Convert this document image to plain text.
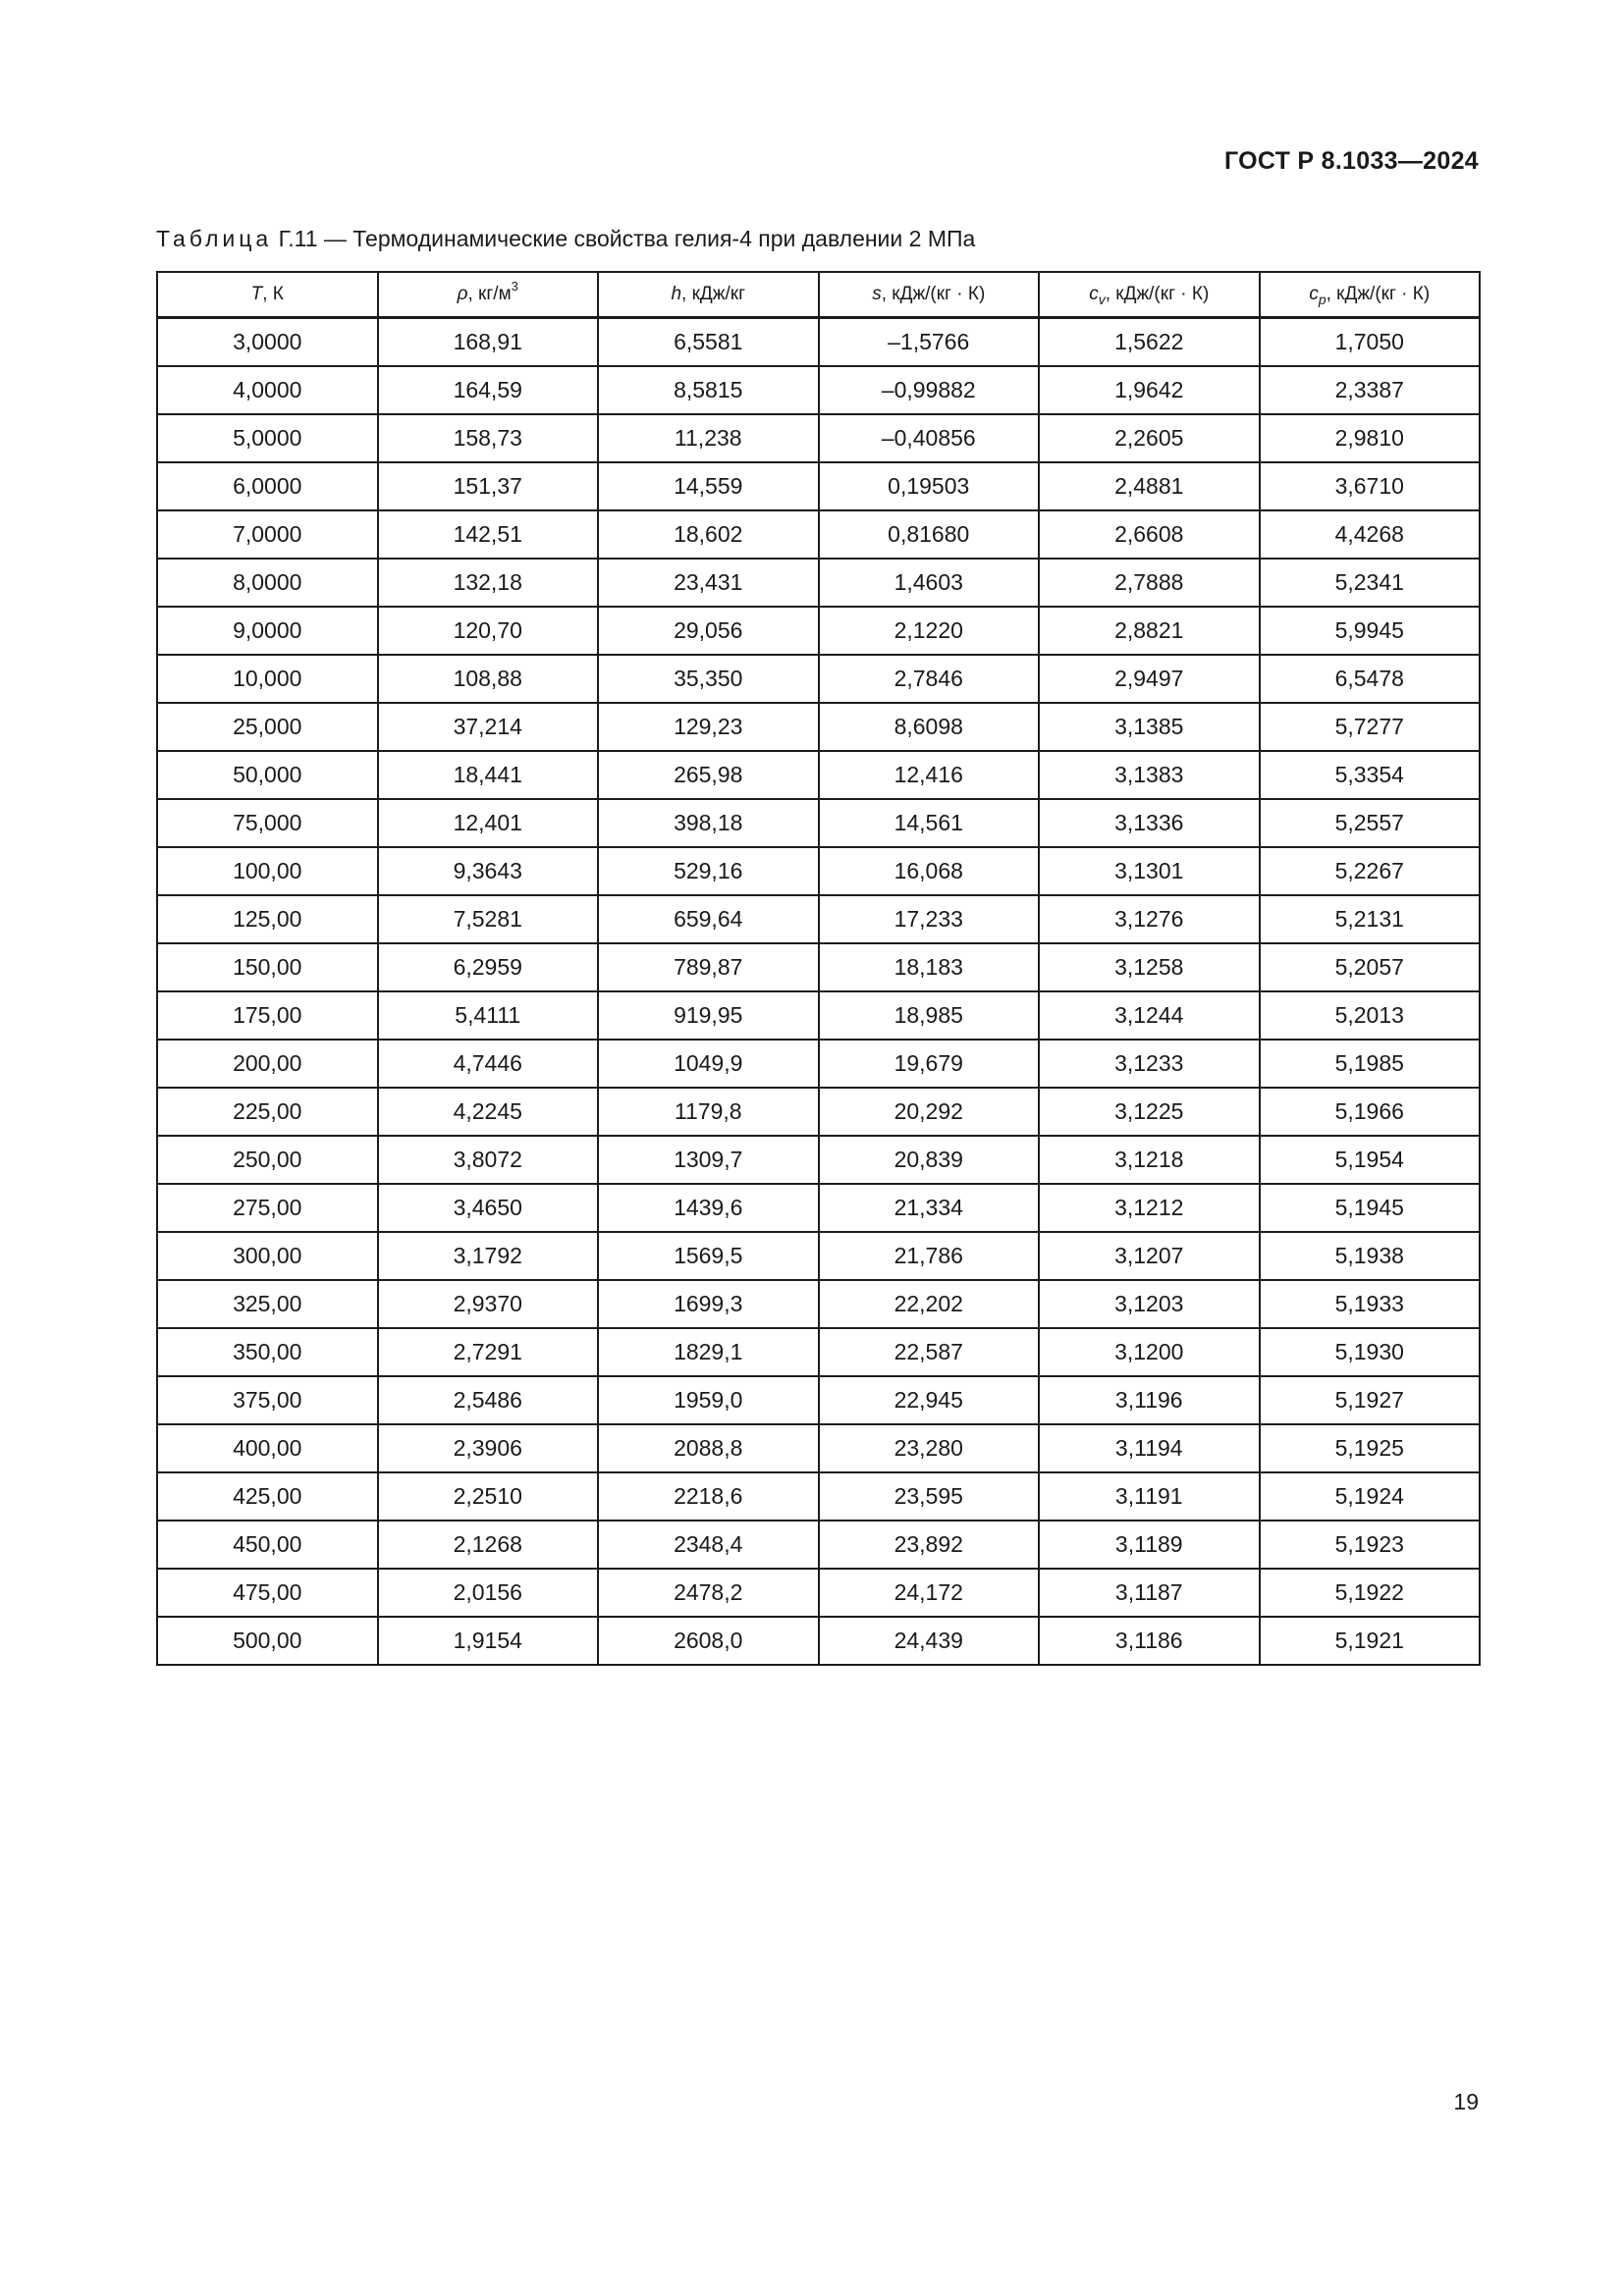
ГОСТ Р 8.1033—2024
Таблица Г.11 — Термодинамические свойства гелия-4 при давлении 2 МПа
T, К	ρ, $кг/м^3$	h, кДж/кг	s, кДж/(кг · К)	$c_v$, кДж/(кг · К)	$c_p$, кДж/(кг · К)
3,0000	168,91	6,5581	–1,5766	1,5622	1,7050
4,0000	164,59	8,5815	–0,99882	1,9642	2,3387
5,0000	158,73	11,238	–0,40856	2,2605	2,9810
6,0000	151,37	14,559	0,19503	2,4881	3,6710
7,0000	142,51	18,602	0,81680	2,6608	4,4268
8,0000	132,18	23,431	1,4603	2,7888	5,2341
9,0000	120,70	29,056	2,1220	2,8821	5,9945
10,000	108,88	35,350	2,7846	2,9497	6,5478
25,000	37,214	129,23	8,6098	3,1385	5,7277
50,000	18,441	265,98	12,416	3,1383	5,3354
75,000	12,401	398,18	14,561	3,1336	5,2557
100,00	9,3643	529,16	16,068	3,1301	5,2267
125,00	7,5281	659,64	17,233	3,1276	5,2131
150,00	6,2959	789,87	18,183	3,1258	5,2057
175,00	5,4111	919,95	18,985	3,1244	5,2013
200,00	4,7446	1049,9	19,679	3,1233	5,1985
225,00	4,2245	1179,8	20,292	3,1225	5,1966
250,00	3,8072	1309,7	20,839	3,1218	5,1954
275,00	3,4650	1439,6	21,334	3,1212	5,1945
300,00	3,1792	1569,5	21,786	3,1207	5,1938
325,00	2,9370	1699,3	22,202	3,1203	5,1933
350,00	2,7291	1829,1	22,587	3,1200	5,1930
375,00	2,5486	1959,0	22,945	3,1196	5,1927
400,00	2,3906	2088,8	23,280	3,1194	5,1925
425,00	2,2510	2218,6	23,595	3,1191	5,1924
450,00	2,1268	2348,4	23,892	3,1189	5,1923
475,00	2,0156	2478,2	24,172	3,1187	5,1922
500,00	1,9154	2608,0	24,439	3,1186	5,1921
19
